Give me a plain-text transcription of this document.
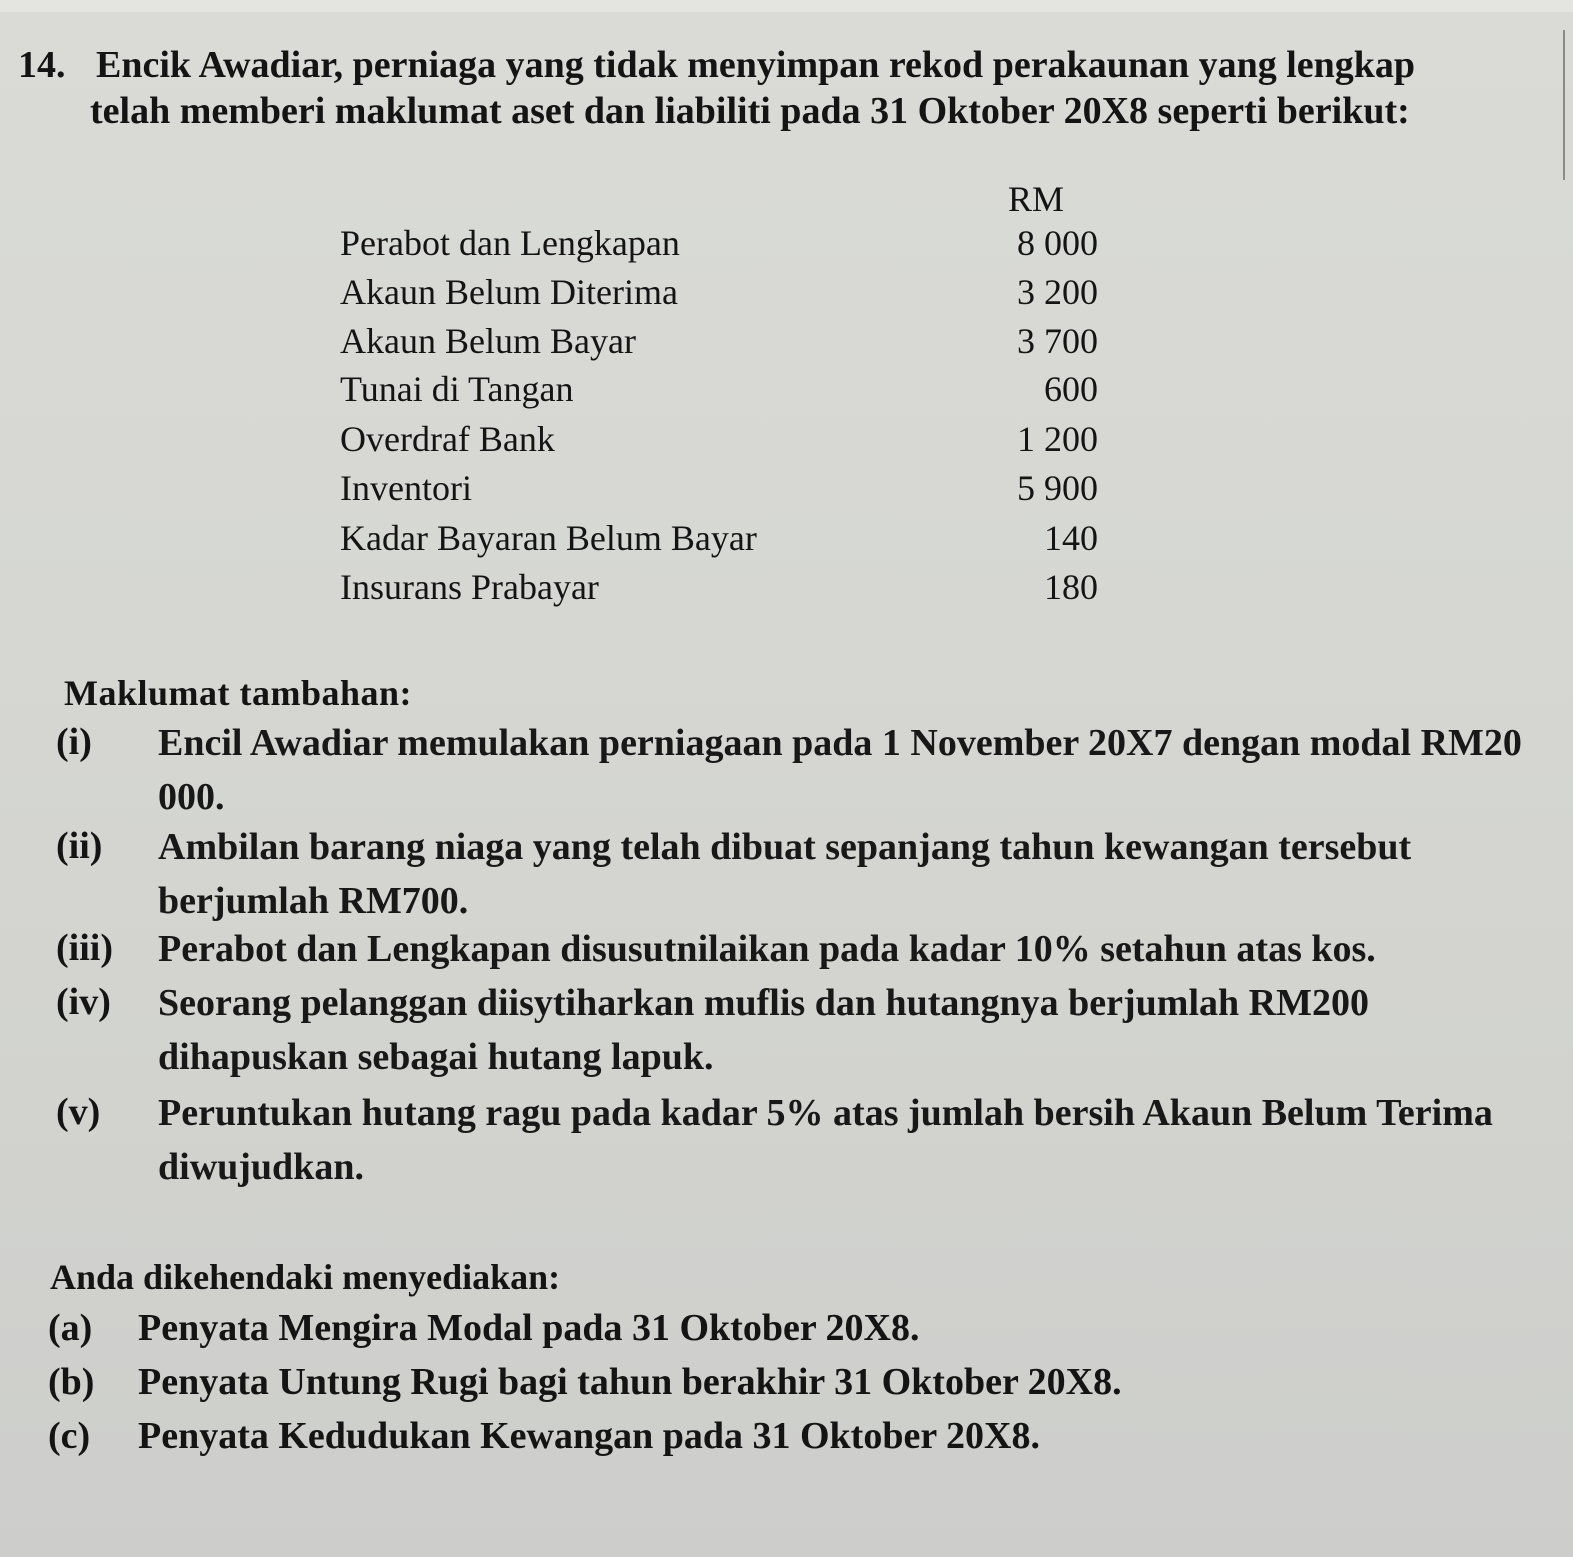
14. Encik Awadiar, perniaga yang tidak menyimpan rekod perakaunan yang lengkap
telah memberi maklumat aset dan liabiliti pada 31 Oktober 20X8 seperti berikut:
RM
Perabot dan Lengkapan	8 000
Akaun Belum Diterima	3 200
Akaun Belum Bayar	3 700
Tunai di Tangan	600
Overdraf Bank	1 200
Inventori	5 900
Kadar Bayaran Belum Bayar	140
Insurans Prabayar	180
Maklumat tambahan:
(i) Encil Awadiar memulakan perniagaan pada 1 November 20X7 dengan modal RM20 000.
(ii) Ambilan barang niaga yang telah dibuat sepanjang tahun kewangan tersebut berjumlah RM700.
(iii) Perabot dan Lengkapan disusutnilaikan pada kadar 10% setahun atas kos.
(iv) Seorang pelanggan diisytiharkan muflis dan hutangnya berjumlah RM200 dihapuskan sebagai hutang lapuk.
(v) Peruntukan hutang ragu pada kadar 5% atas jumlah bersih Akaun Belum Terima diwujudkan.
Anda dikehendaki menyediakan:
(a) Penyata Mengira Modal pada 31 Oktober 20X8.
(b) Penyata Untung Rugi bagi tahun berakhir 31 Oktober 20X8.
(c) Penyata Kedudukan Kewangan pada 31 Oktober 20X8.
